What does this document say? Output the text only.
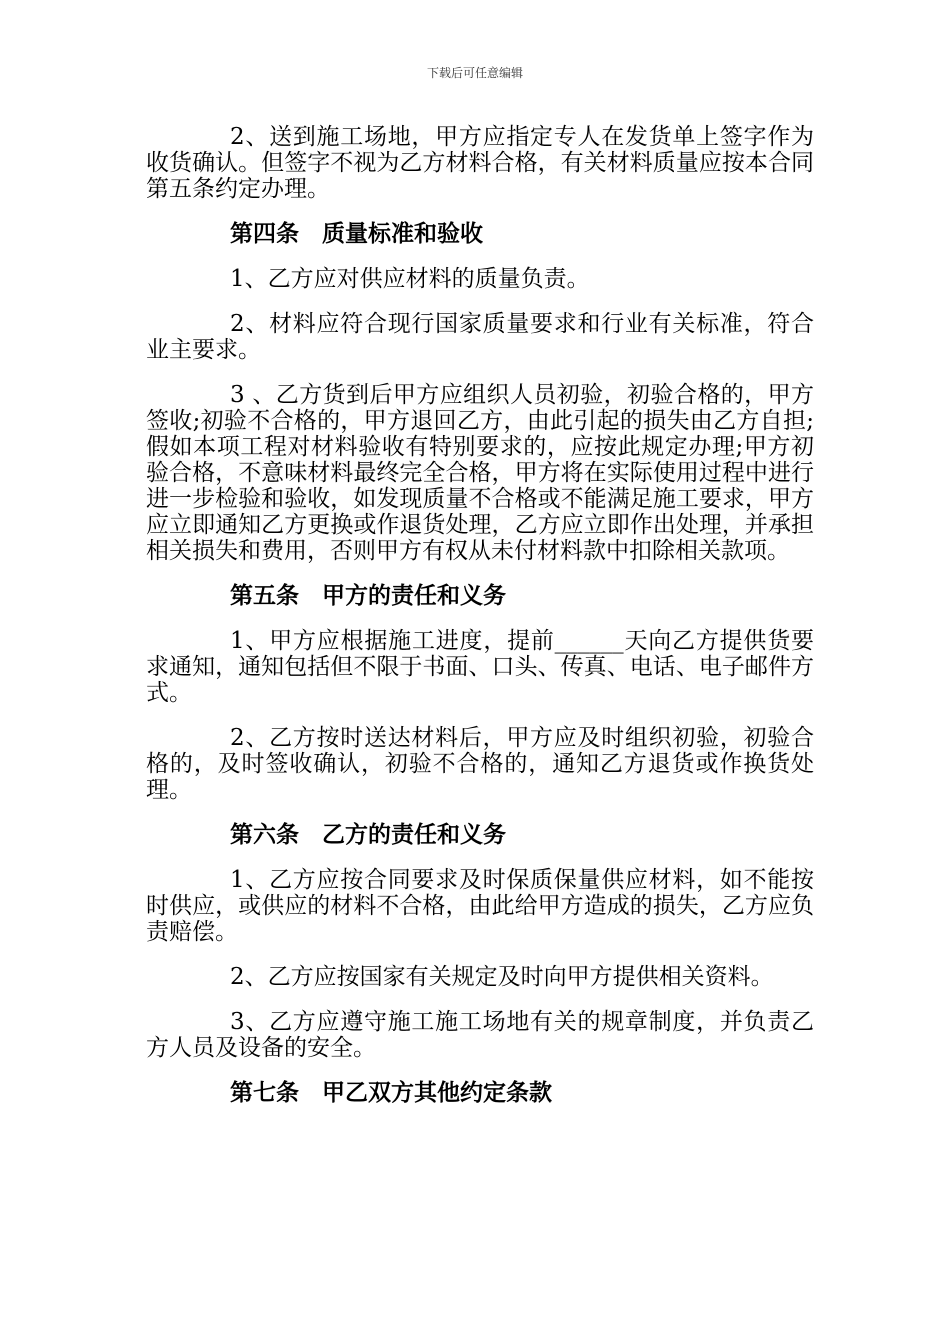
下载后可任意编辑

2、送到施工场地，甲方应指定专人在发货单上签字作为收货确认。但签字不视为乙方材料合格，有关材料质量应按本合同第五条约定办理。

第四条　质量标准和验收

1、乙方应对供应材料的质量负责。

2、材料应符合现行国家质量要求和行业有关标准，符合业主要求。

3 、乙方货到后甲方应组织人员初验，初验合格的，甲方签收;初验不合格的，甲方退回乙方，由此引起的损失由乙方自担;假如本项工程对材料验收有特别要求的，应按此规定办理;甲方初验合格，不意味材料最终完全合格，甲方将在实际使用过程中进行进一步检验和验收，如发现质量不合格或不能满足施工要求，甲方应立即通知乙方更换或作退货处理，乙方应立即作出处理，并承担相关损失和费用，否则甲方有权从未付材料款中扣除相关款项。

第五条　甲方的责任和义务

1、甲方应根据施工进度，提前______天向乙方提供货要求通知，通知包括但不限于书面、口头、传真、电话、电子邮件方式。

2、乙方按时送达材料后，甲方应及时组织初验，初验合格的，及时签收确认，初验不合格的，通知乙方退货或作换货处理。

第六条　乙方的责任和义务

1、乙方应按合同要求及时保质保量供应材料，如不能按时供应，或供应的材料不合格，由此给甲方造成的损失，乙方应负责赔偿。

2、乙方应按国家有关规定及时向甲方提供相关资料。

3、乙方应遵守施工施工场地有关的规章制度，并负责乙方人员及设备的安全。

第七条　甲乙双方其他约定条款
